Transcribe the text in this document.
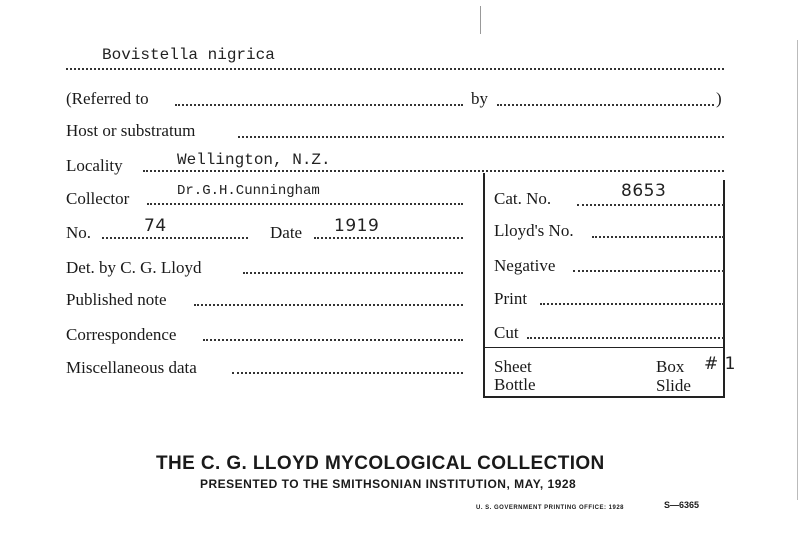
Bovistella nigrica
(Referred to	by	)
Host or substratum
Locality	Wellington, N.Z.
Collector	Dr.G.H.Cunningham
No.	74	Date 1919
Det. by C. G. Lloyd
Published note
Correspondence
Miscellaneous data
Cat. No.	8653
Lloyd's No.
Negative
Print
Cut
Sheet	Box # 1
Bottle	Slide
THE C. G. LLOYD MYCOLOGICAL COLLECTION
PRESENTED TO THE SMITHSONIAN INSTITUTION, MAY, 1928
U. S. GOVERNMENT PRINTING OFFICE: 1928	S—6365
